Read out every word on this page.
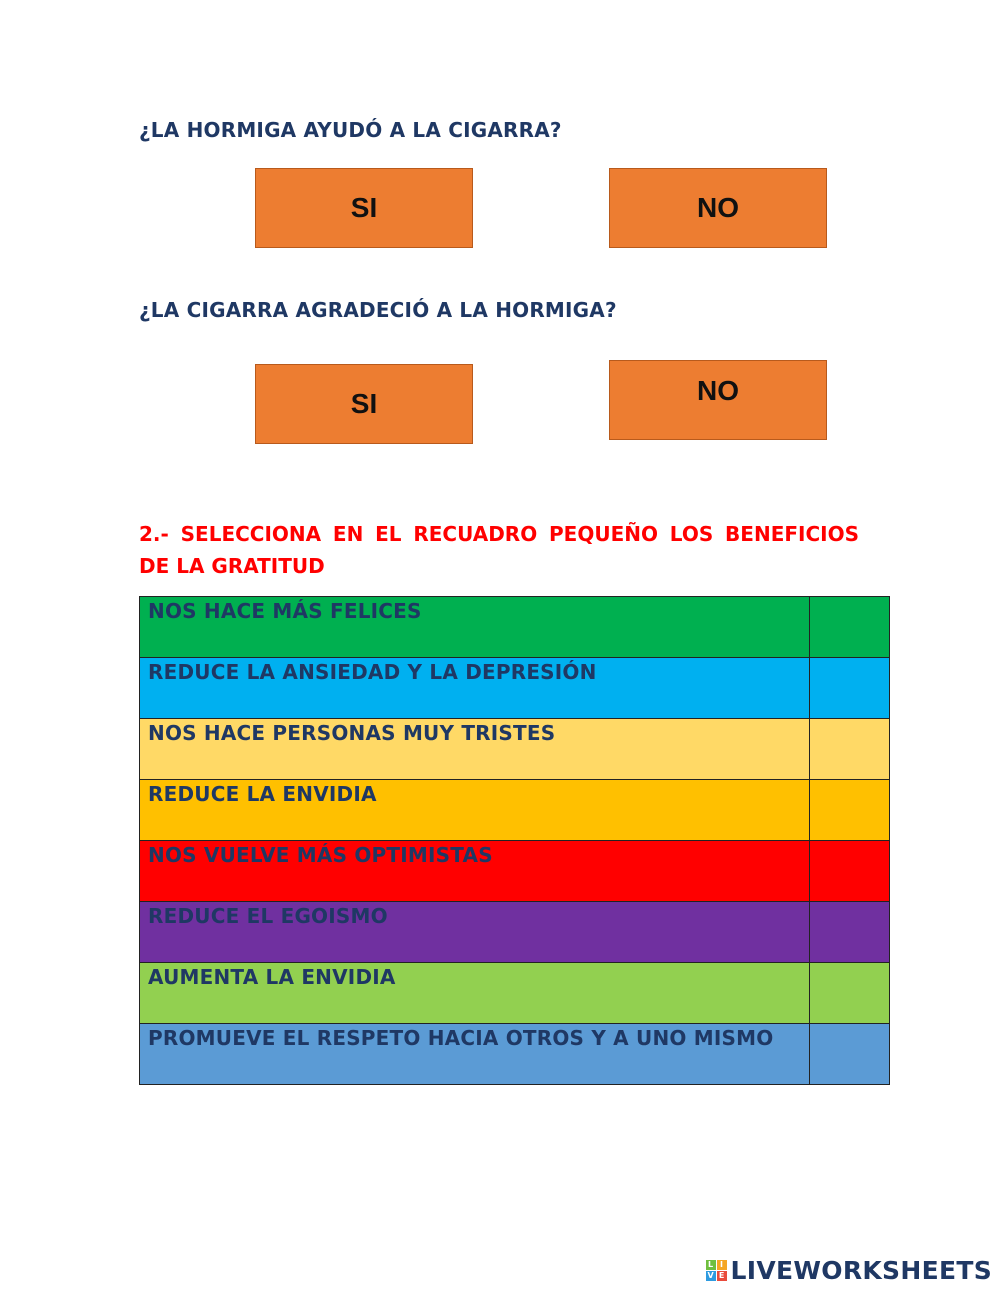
¿LA HORMIGA AYUDÓ A LA CIGARRA?

SI	NO

¿LA CIGARRA AGRADECIÓ A LA HORMIGA?

SI	NO

2.- SELECCIONA EN EL RECUADRO PEQUEÑO LOS BENEFICIOS DE LA GRATITUD

NOS HACE MÁS FELICES	
REDUCE LA ANSIEDAD Y LA DEPRESIÓN	
NOS HACE PERSONAS MUY TRISTES	
REDUCE LA ENVIDIA	
NOS VUELVE MÁS OPTIMISTAS	
REDUCE EL EGOISMO	
AUMENTA LA ENVIDIA	
PROMUEVE EL RESPETO HACIA OTROS Y A UNO MISMO	
L I
V E LIVEWORKSHEETS
